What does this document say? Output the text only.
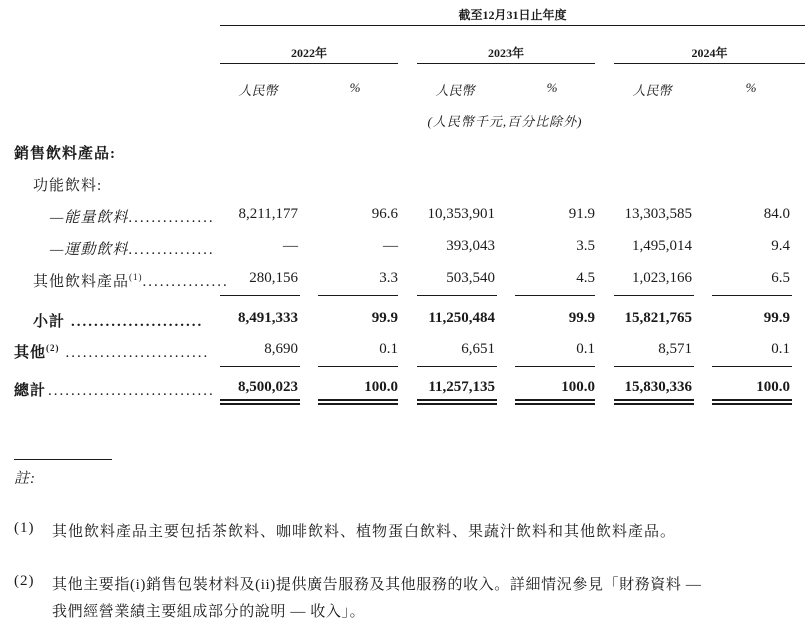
截至12月31日止年度
2022年	2023年	2024年
人民幣	%	人民幣	%	人民幣	%
(人民幣千元,百分比除外)
銷售飲料產品:
功能飲料:
—能量飲料...............	8,211,177	96.6	10,353,901	91.9	13,303,585	84.0
—運動飲料...............	—	—	393,043	3.5	1,495,014	9.4
其他飲料產品$^{(1)}$...............	280,156	3.3	503,540	4.5	1,023,166	6.5
小計 .......................	8,491,333	99.9	11,250,484	99.9	15,821,765	99.9
其他$^{(2)}$ .........................	8,690	0.1	6,651	0.1	8,571	0.1
總計 .............................	8,500,023	100.0	11,257,135	100.0	15,830,336	100.0
註:
(1) 其他飲料產品主要包括茶飲料、咖啡飲料、植物蛋白飲料、果蔬汁飲料和其他飲料產品。
(2) 其他主要指(i)銷售包裝材料及(ii)提供廣告服務及其他服務的收入。詳細情況參見「財務資料 —
我們經營業績主要組成部分的說明 — 收入」。
